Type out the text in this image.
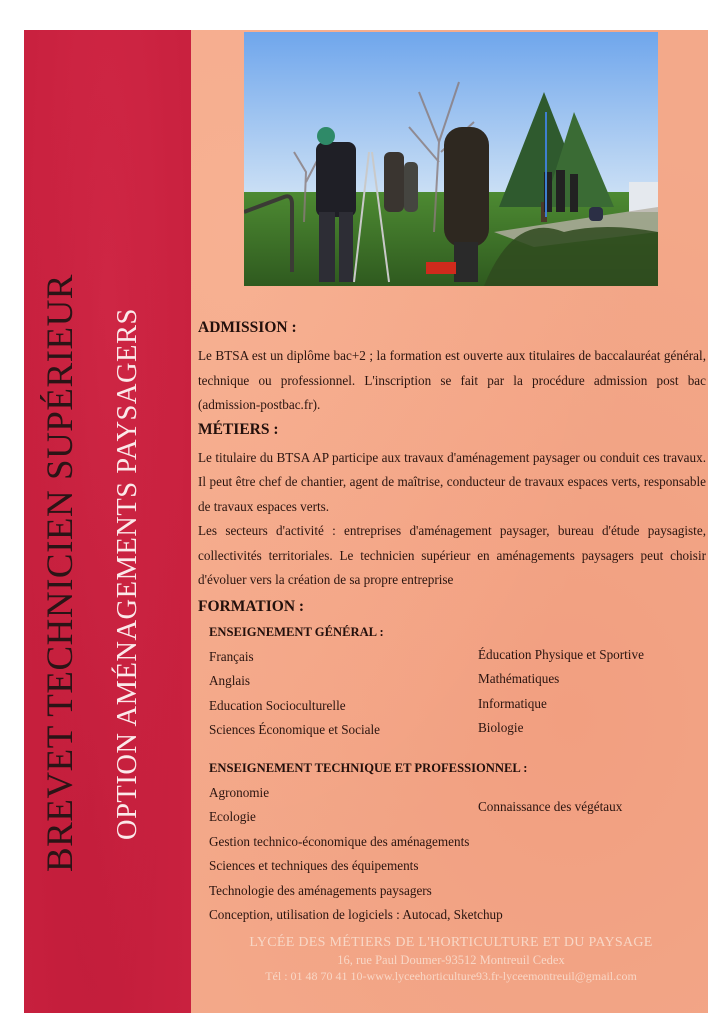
BREVET TECHNICIEN SUPÉRIEUR OPTION AMÉNAGEMENTS PAYSAGERS	ADMISSION :

Le BTSA est un diplôme bac+2 ; la formation est ouverte aux titulaires de baccalauréat général, technique ou professionnel. L'inscription se fait par la procédure admission post bac (admission-postbac.fr).

MÉTIERS :

Le titulaire du BTSA AP participe aux travaux d'aménagement paysager ou conduit ces travaux. Il peut être chef de chantier, agent de maîtrise, conducteur de travaux espaces verts, responsable de travaux espaces verts.

Les secteurs d'activité : entreprises d'aménagement paysager, bureau d'étude paysagiste, collectivités territoriales. Le technicien supérieur en aménagements paysagers peut choisir d'évoluer vers la création de sa propre entreprise

FORMATION :
ENSEIGNEMENT GÉNÉRAL :
Français
Anglais
Education Socioculturelle
Sciences Économique et Sociale
Éducation Physique et Sportive
Mathématiques
Informatique
Biologie
ENSEIGNEMENT TECHNIQUE ET PROFESSIONNEL :
Agronomie
Ecologie
Gestion technico-économique des aménagements
Sciences et techniques des équipements
Technologie des aménagements paysagers
Conception, utilisation de logiciels : Autocad, Sketchup
Connaissance des végétaux
LYCÉE DES MÉTIERS DE L'HORTICULTURE ET DU PAYSAGE
16, rue Paul Doumer-93512 Montreuil Cedex
Tél : 01 48 70 41 10-www.lyceehorticulture93.fr-lyceemontreuil@gmail.com
